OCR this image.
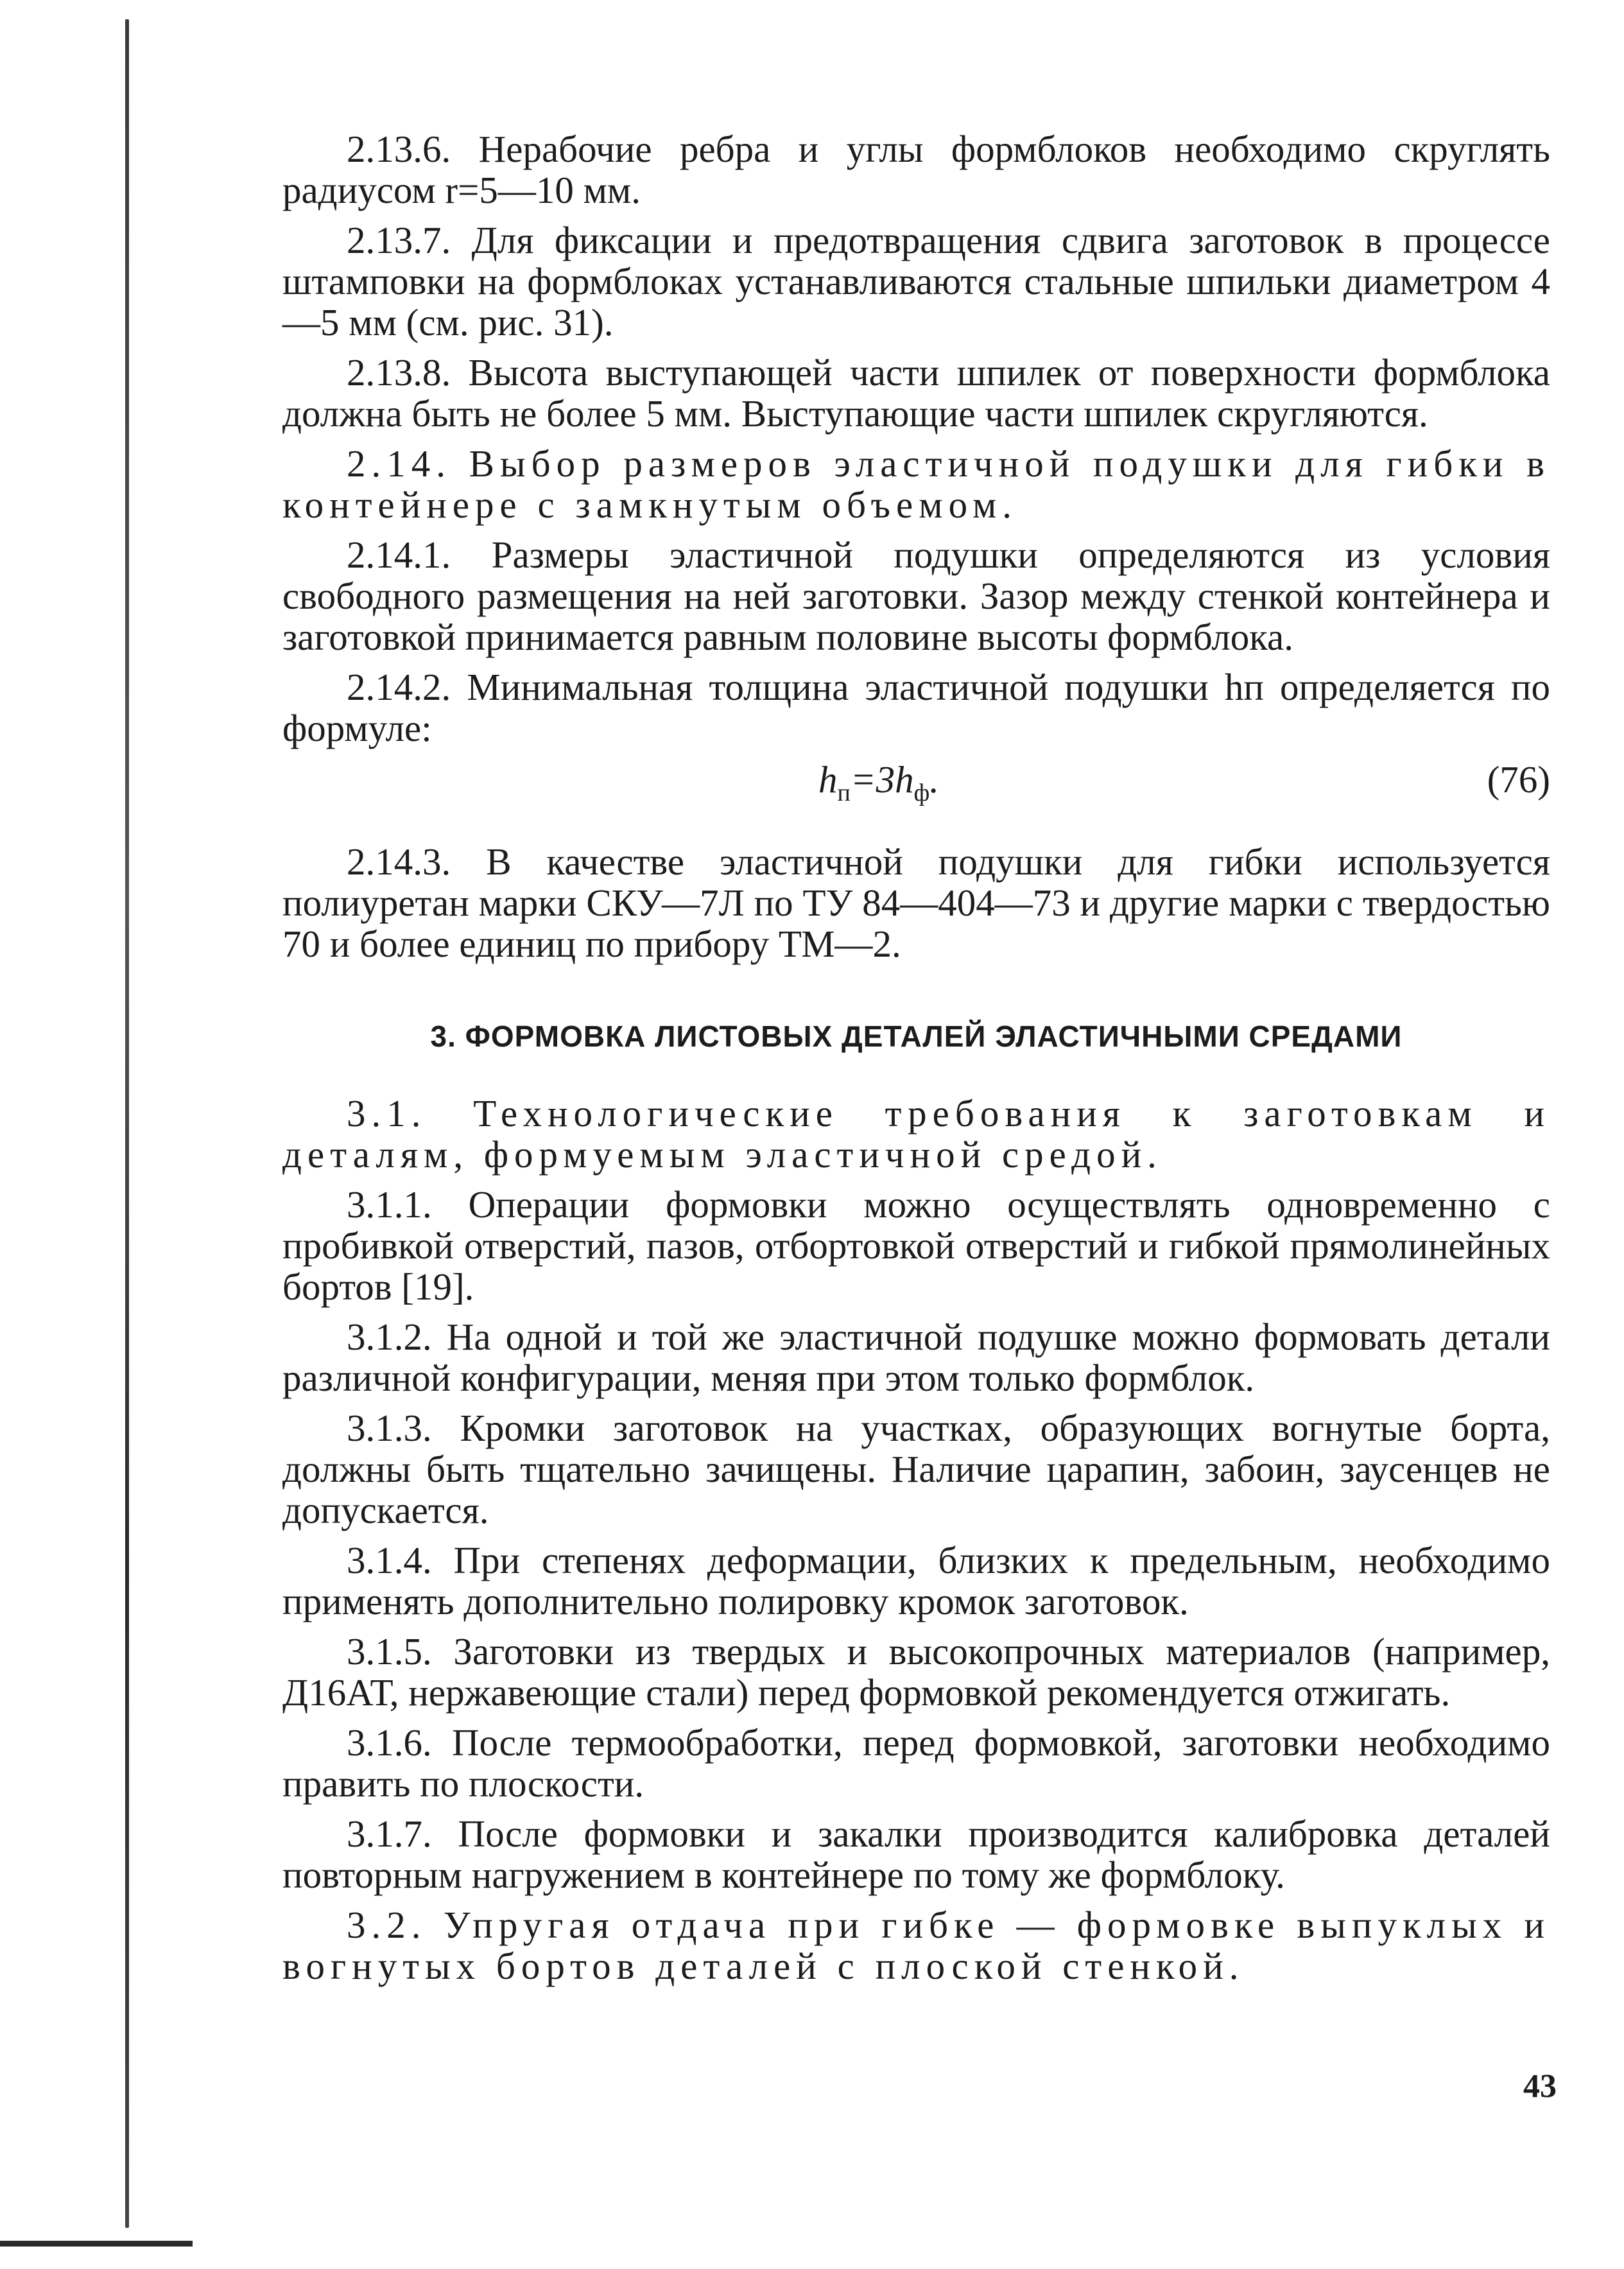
2.13.6. Нерабочие ребра и углы формблоков необходимо скруглять радиусом r=5—10 мм.

2.13.7. Для фиксации и предотвращения сдвига заготовок в процессе штамповки на формблоках устанавливаются стальные шпильки диаметром 4—5 мм (см. рис. 31).

2.13.8. Высота выступающей части шпилек от поверхности формблока должна быть не более 5 мм. Выступающие части шпилек скругляются.

2.14. Выбор размеров эластичной подушки для гибки в контейнере с замкнутым объемом.

2.14.1. Размеры эластичной подушки определяются из условия свободного размещения на ней заготовки. Зазор между стенкой контейнера и заготовкой принимается равным половине высоты формблока.

2.14.2. Минимальная толщина эластичной подушки hп определяется по формуле:

$h_п=3h_ф$.	(76)

2.14.3. В качестве эластичной подушки для гибки используется полиуретан марки СКУ—7Л по ТУ 84—404—73 и другие марки с твердостью 70 и более единиц по прибору ТМ—2.

3. ФОРМОВКА ЛИСТОВЫХ ДЕТАЛЕЙ ЭЛАСТИЧНЫМИ СРЕДАМИ

3.1. Технологические требования к заготовкам и деталям, формуемым эластичной средой.

3.1.1. Операции формовки можно осуществлять одновременно с пробивкой отверстий, пазов, отбортовкой отверстий и гибкой прямолинейных бортов [19].

3.1.2. На одной и той же эластичной подушке можно формовать детали различной конфигурации, меняя при этом только формблок.

3.1.3. Кромки заготовок на участках, образующих вогнутые борта, должны быть тщательно зачищены. Наличие царапин, забоин, заусенцев не допускается.

3.1.4. При степенях деформации, близких к предельным, необходимо применять дополнительно полировку кромок заготовок.

3.1.5. Заготовки из твердых и высокопрочных материалов (например, Д16АТ, нержавеющие стали) перед формовкой рекомендуется отжигать.

3.1.6. После термообработки, перед формовкой, заготовки необходимо править по плоскости.

3.1.7. После формовки и закалки производится калибровка деталей повторным нагружением в контейнере по тому же формблоку.

3.2. Упругая отдача при гибке — формовке выпуклых и вогнутых бортов деталей с плоской стенкой.

43
